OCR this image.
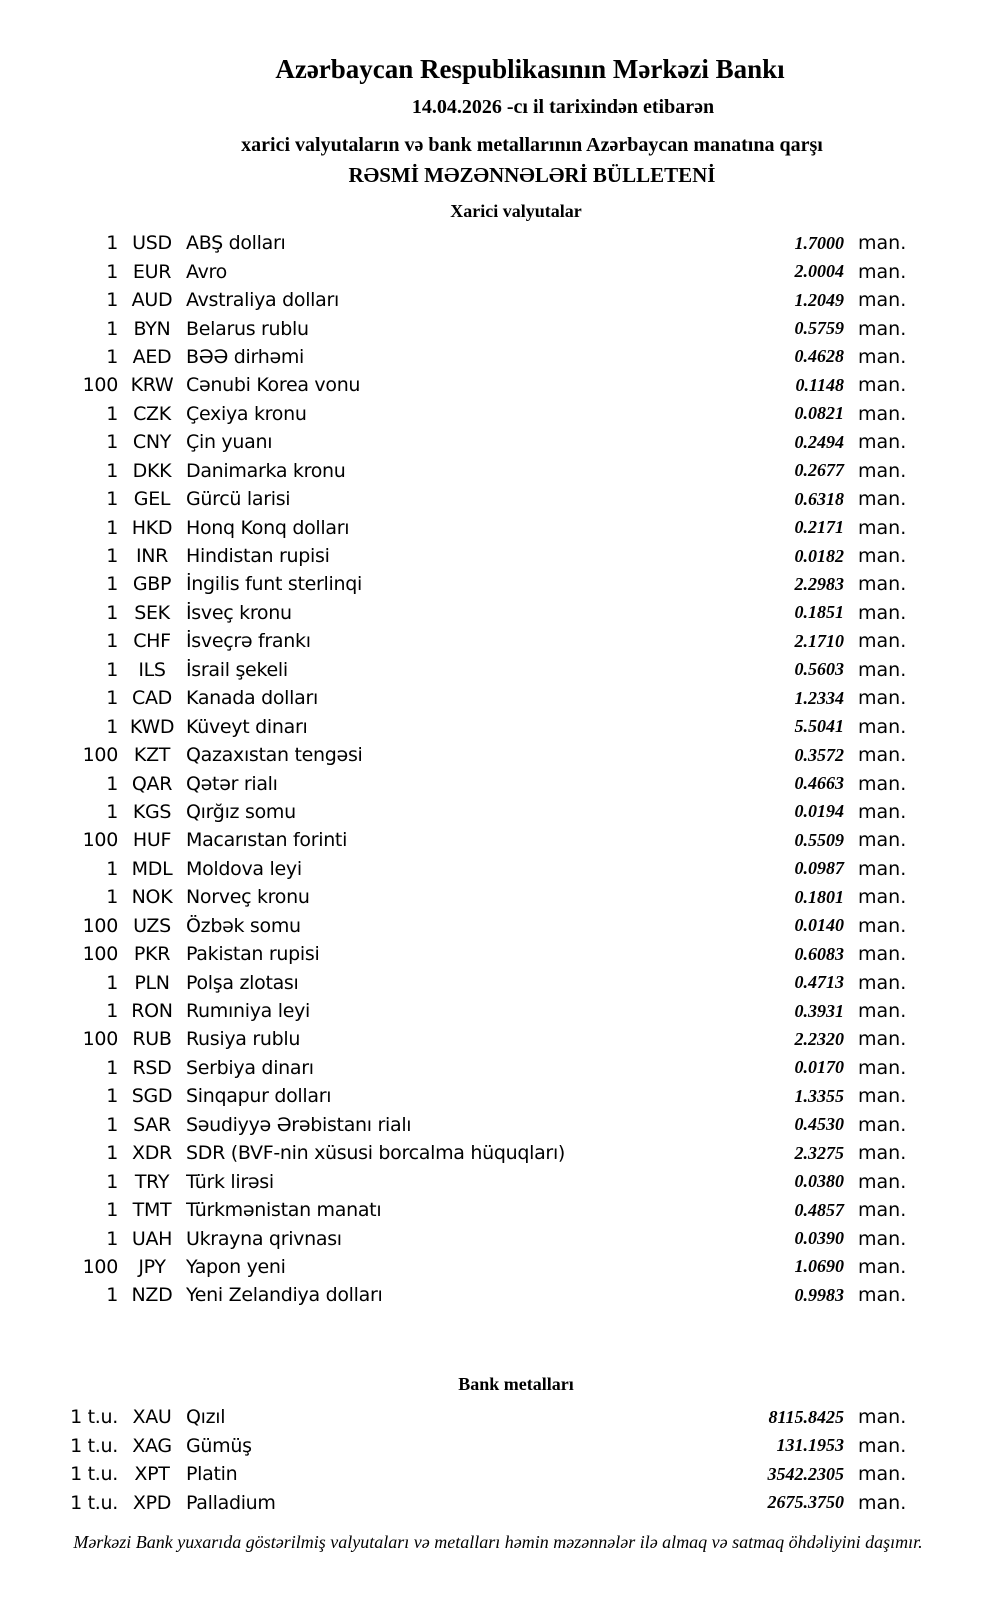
Azərbaycan Respublikasının Mərkəzi Bankı
14.04.2026 -cı il tarixindən etibarən
xarici valyutaların və bank metallarının Azərbaycan manatına qarşı
RƏSMİ MƏZƏNNƏLƏRİ BÜLLETENİ
Xarici valyutalar
1 USD ABŞ dolları	1.7000 man.
1 EUR Avro	2.0004 man.
1 AUD Avstraliya dolları	1.2049 man.
1 BYN Belarus rublu	0.5759 man.
1 AED BƏƏ dirhəmi	0.4628 man.
100 KRW Cənubi Korea vonu	0.1148 man.
1 CZK Çexiya kronu	0.0821 man.
1 CNY Çin yuanı	0.2494 man.
1 DKK Danimarka kronu	0.2677 man.
1 GEL Gürcü larisi	0.6318 man.
1 HKD Honq Konq dolları	0.2171 man.
1 INR Hindistan rupisi	0.0182 man.
1 GBP İngilis funt sterlinqi	2.2983 man.
1 SEK İsveç kronu	0.1851 man.
1 CHF İsveçrə frankı	2.1710 man.
1	ILS	İsrail şekeli	0.5603 man.
1 CAD Kanada dolları	1.2334 man.
1 KWD Küveyt dinarı	5.5041 man.
100 KZT Qazaxıstan tengəsi	0.3572 man.
1 QAR Qətər rialı	0.4663 man.
1 KGS Qırğız somu	0.0194 man.
100 HUF Macarıstan forinti	0.5509 man.
1 MDL Moldova leyi	0.0987 man.
1 NOK Norveç kronu	0.1801 man.
100 UZS Özbək somu	0.0140 man.
100 PKR Pakistan rupisi	0.6083 man.
1 PLN Polşa zlotası	0.4713 man.
1 RON Rumıniya leyi	0.3931 man.
100 RUB Rusiya rublu	2.2320 man.
1 RSD Serbiya dinarı	0.0170 man.
1 SGD Sinqapur dolları	1.3355 man.
1 SAR Səudiyyə Ərəbistanı rialı	0.4530 man.
1 XDR SDR (BVF-nin xüsusi borcalma hüquqları)	2.3275 man.
1 TRY Türk lirəsi	0.0380 man.
1 TMT Türkmənistan manatı	0.4857 man.
1 UAH Ukrayna qrivnası	0.0390 man.
100	JPY	Yapon yeni	1.0690 man.
1 NZD Yeni Zelandiya dolları	0.9983 man.
Bank metalları
1 t.u. XAU Qızıl	8115.8425 man.
1 t.u. XAG Gümüş	131.1953 man.
1 t.u. XPT Platin	3542.2305 man.
1 t.u. XPD Palladium	2675.3750 man.
Mərkəzi Bank yuxarıda göstərilmiş valyutaları və metalları həmin məzənnələr ilə almaq və satmaq öhdəliyini daşımır.
